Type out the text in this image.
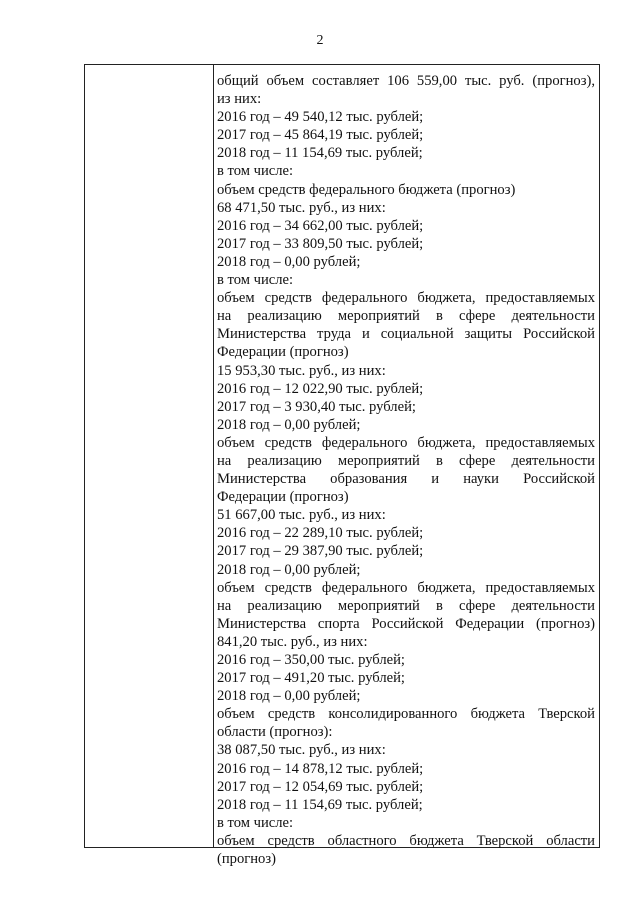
2
общий объем составляет 106 559,00 тыс. руб. (прогноз),
из них:
2016 год – 49 540,12 тыс. рублей;
2017 год – 45 864,19 тыс. рублей;
2018 год – 11 154,69 тыс. рублей;
в том числе:
объем средств федерального бюджета (прогноз)
68 471,50 тыс. руб., из них:
2016 год – 34 662,00 тыс. рублей;
2017 год – 33 809,50 тыс. рублей;
2018 год – 0,00 рублей;
в том числе:
объем средств федерального бюджета, предоставляемых
на реализацию мероприятий в сфере деятельности
Министерства труда и социальной защиты Российской
Федерации (прогноз)
15 953,30 тыс. руб., из них:
2016 год – 12 022,90 тыс. рублей;
2017 год – 3 930,40 тыс. рублей;
2018 год – 0,00 рублей;
объем средств федерального бюджета, предоставляемых
на реализацию мероприятий в сфере деятельности
Министерства образования и науки Российской
Федерации (прогноз)
51 667,00 тыс. руб., из них:
2016 год – 22 289,10 тыс. рублей;
2017 год – 29 387,90 тыс. рублей;
2018 год – 0,00 рублей;
объем средств федерального бюджета, предоставляемых
на реализацию мероприятий в сфере деятельности
Министерства спорта Российской Федерации (прогноз)
841,20 тыс. руб., из них:
2016 год – 350,00 тыс. рублей;
2017 год – 491,20 тыс. рублей;
2018 год – 0,00 рублей;
объем средств консолидированного бюджета Тверской
области (прогноз):
38 087,50 тыс. руб., из них:
2016 год – 14 878,12 тыс. рублей;
2017 год – 12 054,69 тыс. рублей;
2018 год – 11 154,69 тыс. рублей;
в том числе:
объем средств областного бюджета Тверской области
(прогноз)
